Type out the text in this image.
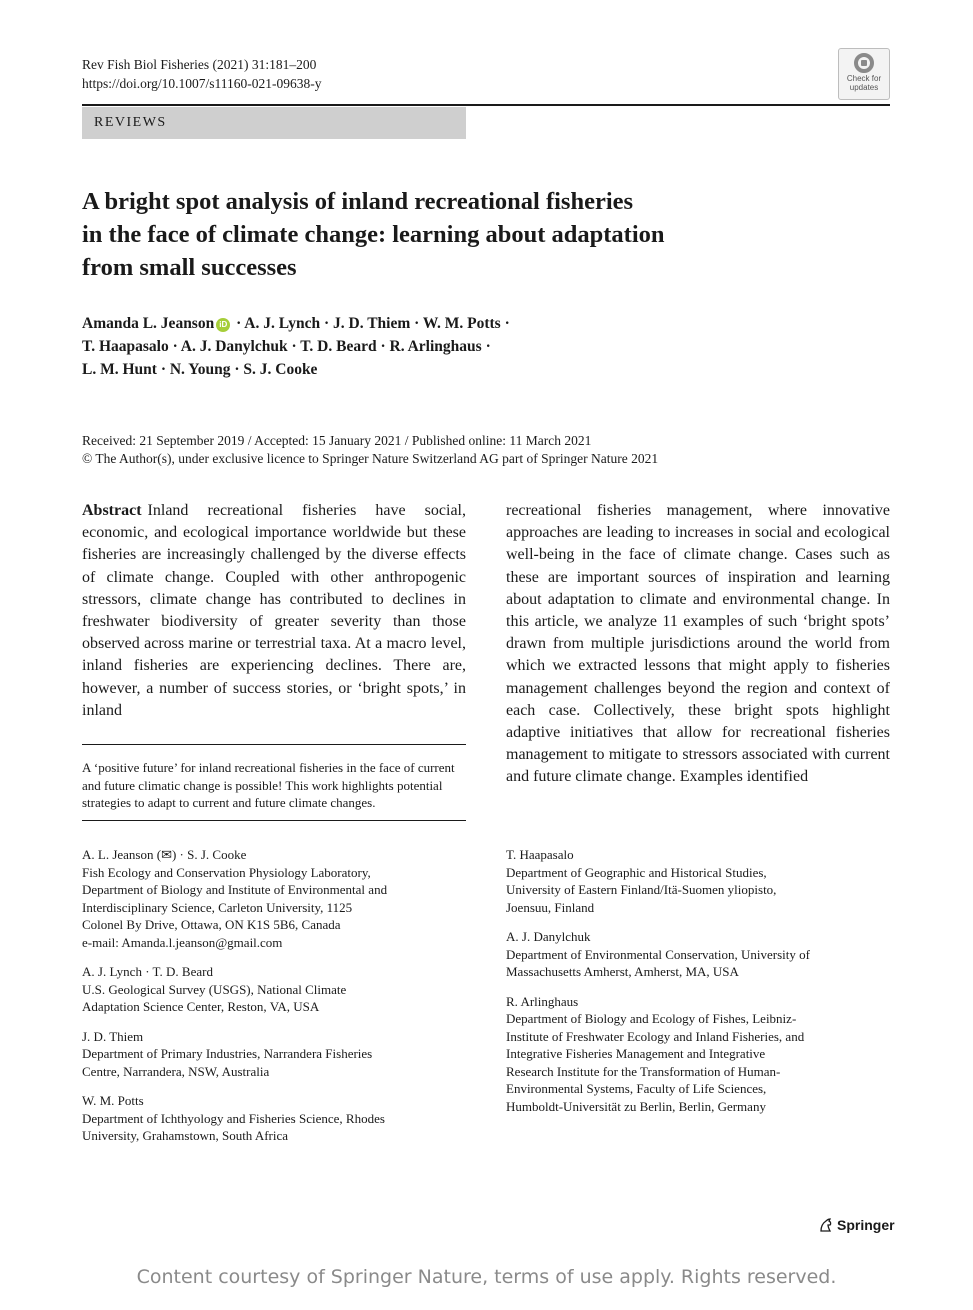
Rev Fish Biol Fisheries (2021) 31:181–200
https://doi.org/10.1007/s11160-021-09638-y	Check for
updates
REVIEWS
A bright spot analysis of inland recreational fisheries
in the face of climate change: learning about adaptation
from small successes
Amanda L. Jeanson iD · A. J. Lynch · J. D. Thiem · W. M. Potts ·
T. Haapasalo · A. J. Danylchuk · T. D. Beard · R. Arlinghaus ·
L. M. Hunt · N. Young · S. J. Cooke
Received: 21 September 2019 / Accepted: 15 January 2021 / Published online: 11 March 2021
© The Author(s), under exclusive licence to Springer Nature Switzerland AG part of Springer Nature 2021
Abstract Inland recreational fisheries have social, economic, and ecological importance worldwide but these fisheries are increasingly challenged by the diverse effects of climate change. Coupled with other anthropogenic stressors, climate change has contributed to declines in freshwater biodiversity of greater severity than those observed across marine or terrestrial taxa. At a macro level, inland fisheries are experiencing declines. There are, however, a number of success stories, or ‘bright spots,’ in inland
recreational fisheries management, where innovative approaches are leading to increases in social and ecological well-being in the face of climate change. Cases such as these are important sources of inspiration and learning about adaptation to climate and environmental change. In this article, we analyze 11 examples of such ‘bright spots’ drawn from multiple jurisdictions around the world from which we extracted lessons that might apply to fisheries management challenges beyond the region and context of each case. Collectively, these bright spots highlight adaptive initiatives that allow for recreational fisheries management to mitigate to stressors associated with current and future climate change. Examples identified
A ‘positive future’ for inland recreational fisheries in the face of current and future climatic change is possible! This work highlights potential strategies to adapt to current and future climate changes.
A. L. Jeanson (✉) · S. J. Cooke
Fish Ecology and Conservation Physiology Laboratory,
Department of Biology and Institute of Environmental and
Interdisciplinary Science, Carleton University, 1125
Colonel By Drive, Ottawa, ON K1S 5B6, Canada
e-mail: Amanda.l.jeanson@gmail.com
A. J. Lynch · T. D. Beard
U.S. Geological Survey (USGS), National Climate
Adaptation Science Center, Reston, VA, USA
J. D. Thiem
Department of Primary Industries, Narrandera Fisheries
Centre, Narrandera, NSW, Australia
W. M. Potts
Department of Ichthyology and Fisheries Science, Rhodes
University, Grahamstown, South Africa
T. Haapasalo
Department of Geographic and Historical Studies,
University of Eastern Finland/Itä-Suomen yliopisto,
Joensuu, Finland
A. J. Danylchuk
Department of Environmental Conservation, University of
Massachusetts Amherst, Amherst, MA, USA
R. Arlinghaus
Department of Biology and Ecology of Fishes, Leibniz-
Institute of Freshwater Ecology and Inland Fisheries, and
Integrative Fisheries Management and Integrative
Research Institute for the Transformation of Human-
Environmental Systems, Faculty of Life Sciences,
Humboldt-Universität zu Berlin, Berlin, Germany
Springer
Content courtesy of Springer Nature, terms of use apply. Rights reserved.
